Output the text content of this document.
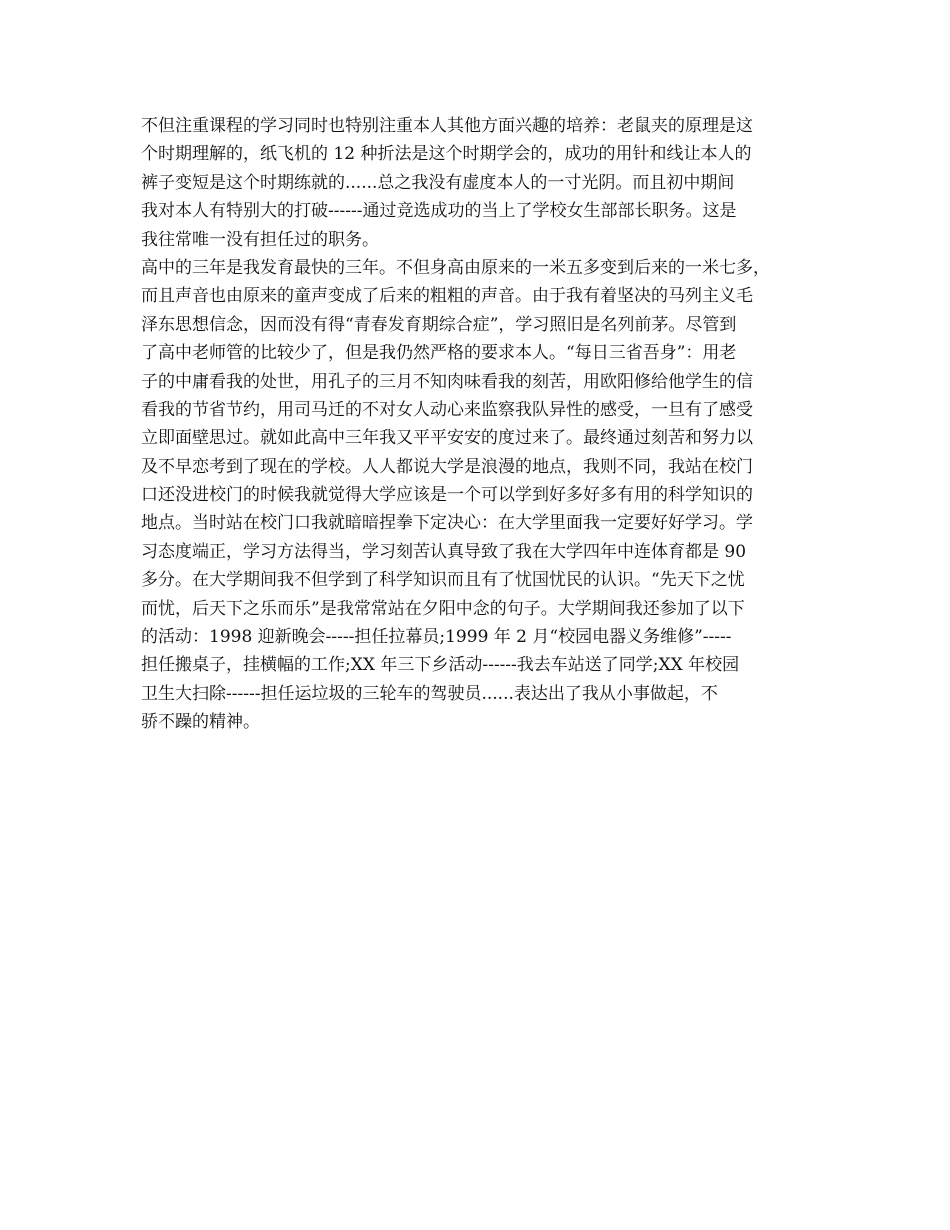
不但注重课程的学习同时也特别注重本人其他方面兴趣的培养：老鼠夹的原理是这
个时期理解的，纸飞机的 12 种折法是这个时期学会的，成功的用针和线让本人的
裤子变短是这个时期练就的......总之我没有虚度本人的一寸光阴。而且初中期间
我对本人有特别大的打破------通过竞选成功的当上了学校女生部部长职务。这是
我往常唯一没有担任过的职务。
高中的三年是我发育最快的三年。不但身高由原来的一米五多变到后来的一米七多，
而且声音也由原来的童声变成了后来的粗粗的声音。由于我有着坚决的马列主义毛
泽东思想信念，因而没有得“青春发育期综合症”，学习照旧是名列前茅。尽管到
了高中老师管的比较少了，但是我仍然严格的要求本人。“每日三省吾身”：用老
子的中庸看我的处世，用孔子的三月不知肉味看我的刻苦，用欧阳修给他学生的信
看我的节省节约，用司马迁的不对女人动心来监察我队异性的感受，一旦有了感受
立即面壁思过。就如此高中三年我又平平安安的度过来了。最终通过刻苦和努力以
及不早恋考到了现在的学校。人人都说大学是浪漫的地点，我则不同，我站在校门
口还没进校门的时候我就觉得大学应该是一个可以学到好多好多有用的科学知识的
地点。当时站在校门口我就暗暗捏拳下定决心：在大学里面我一定要好好学习。学
习态度端正，学习方法得当，学习刻苦认真导致了我在大学四年中连体育都是 90
多分。在大学期间我不但学到了科学知识而且有了忧国忧民的认识。“先天下之忧
而忧，后天下之乐而乐”是我常常站在夕阳中念的句子。大学期间我还参加了以下
的活动：1998 迎新晚会-----担任拉幕员;1999 年 2 月“校园电器义务维修”-----
担任搬桌子，挂横幅的工作;XX 年三下乡活动------我去车站送了同学;XX 年校园
卫生大扫除------担任运垃圾的三轮车的驾驶员......表达出了我从小事做起，不
骄不躁的精神。
